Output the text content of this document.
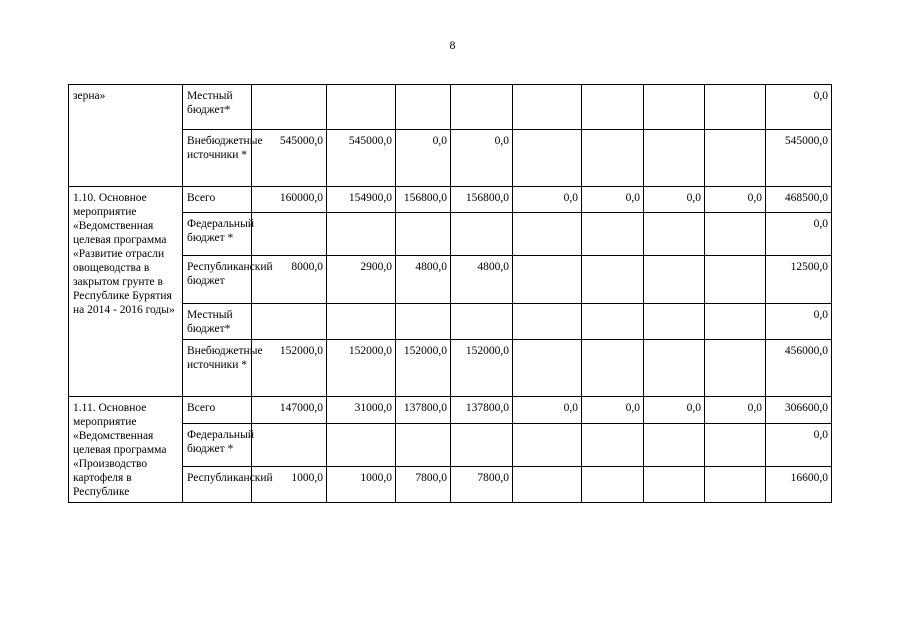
8
зерна»	Местный бюджет*									0,0
	Внебюджетные источники *	545000,0	545000,0	0,0	0,0					545000,0
1.10. Основное мероприятие «Ведомственная целевая программа «Развитие отрасли овощеводства в закрытом грунте в Республике Бурятия на 2014 - 2016 годы»	Всего	160000,0	154900,0	156800,0	156800,0	0,0	0,0	0,0	0,0	468500,0
	Федеральный бюджет *									0,0
	Республиканский бюджет	8000,0	2900,0	4800,0	4800,0					12500,0
	Местный бюджет*									0,0
	Внебюджетные источники *	152000,0	152000,0	152000,0	152000,0					456000,0
1.11. Основное мероприятие «Ведомственная целевая программа «Производство картофеля в Республике	Всего	147000,0	31000,0	137800,0	137800,0	0,0	0,0	0,0	0,0	306600,0
	Федеральный бюджет *									0,0
	Республиканский	1000,0	1000,0	7800,0	7800,0					16600,0
